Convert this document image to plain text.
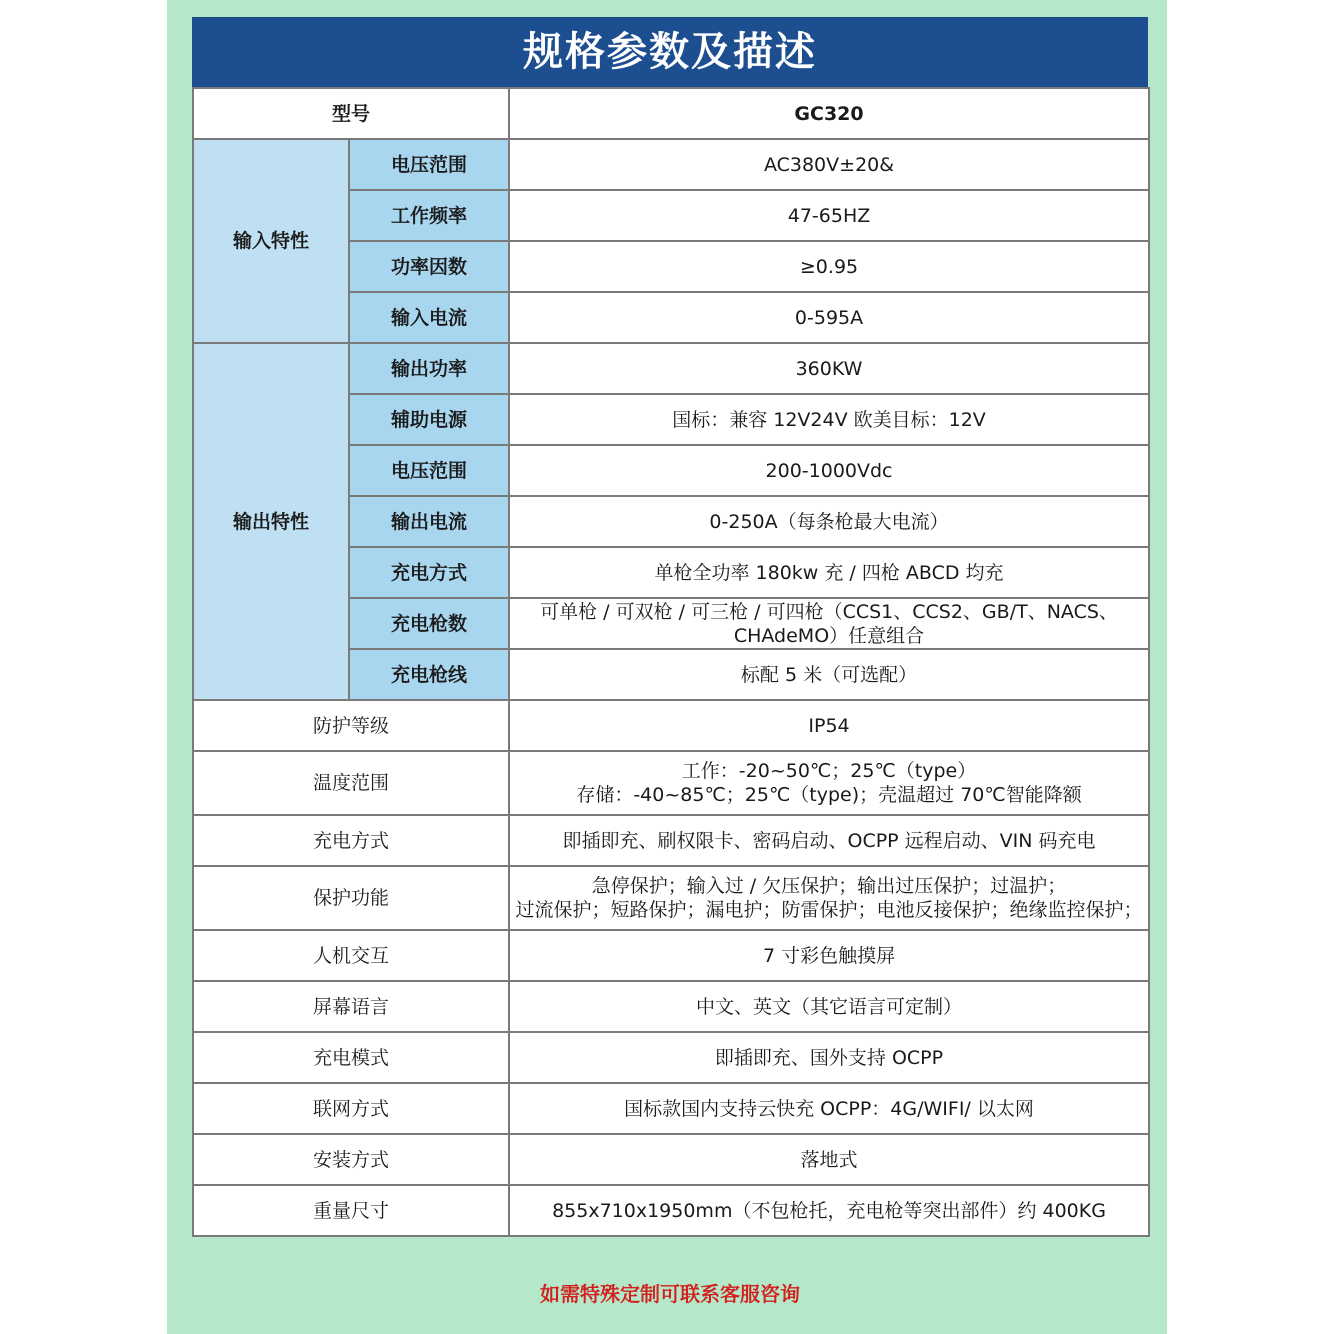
规格参数及描述
型号		GC320
输入特性	电压范围	AC380V±20&
	工作频率	47-65HZ
	功率因数	≥0.95
	输入电流	0-595A
输出特性	输出功率	360KW
	辅助电源	国标：兼容 12V24V 欧美目标：12V
	电压范围	200-1000Vdc
	输出电流	0-250A（每条枪最大电流）
	充电方式	单枪全功率 180kw 充 / 四枪 ABCD 均充
	充电枪数	可单枪 / 可双枪 / 可三枪 / 可四枪（CCS1、CCS2、GB/T、NACS、
CHAdeMO）任意组合

	充电枪线	标配 5 米（可选配）
防护等级		IP54
温度范围		工作：-20~50℃；25℃（type）
存储：-40~85℃；25℃（type)；壳温超过 70℃智能降额

充电方式		即插即充、刷权限卡、密码启动、OCPP 远程启动、VIN 码充电
保护功能		急停保护；输入过 / 欠压保护；输出过压保护；过温护；
过流保护；短路保护；漏电护；防雷保护；电池反接保护；绝缘监控保护；

人机交互		7 寸彩色触摸屏
屏幕语言		中文、英文（其它语言可定制）
充电模式		即插即充、国外支持 OCPP
联网方式		国标款国内支持云快充 OCPP：4G/WIFI/ 以太网
安装方式		落地式
重量尺寸		855x710x1950mm（不包枪托，充电枪等突出部件）约 400KG
如需特殊定制可联系客服咨询
